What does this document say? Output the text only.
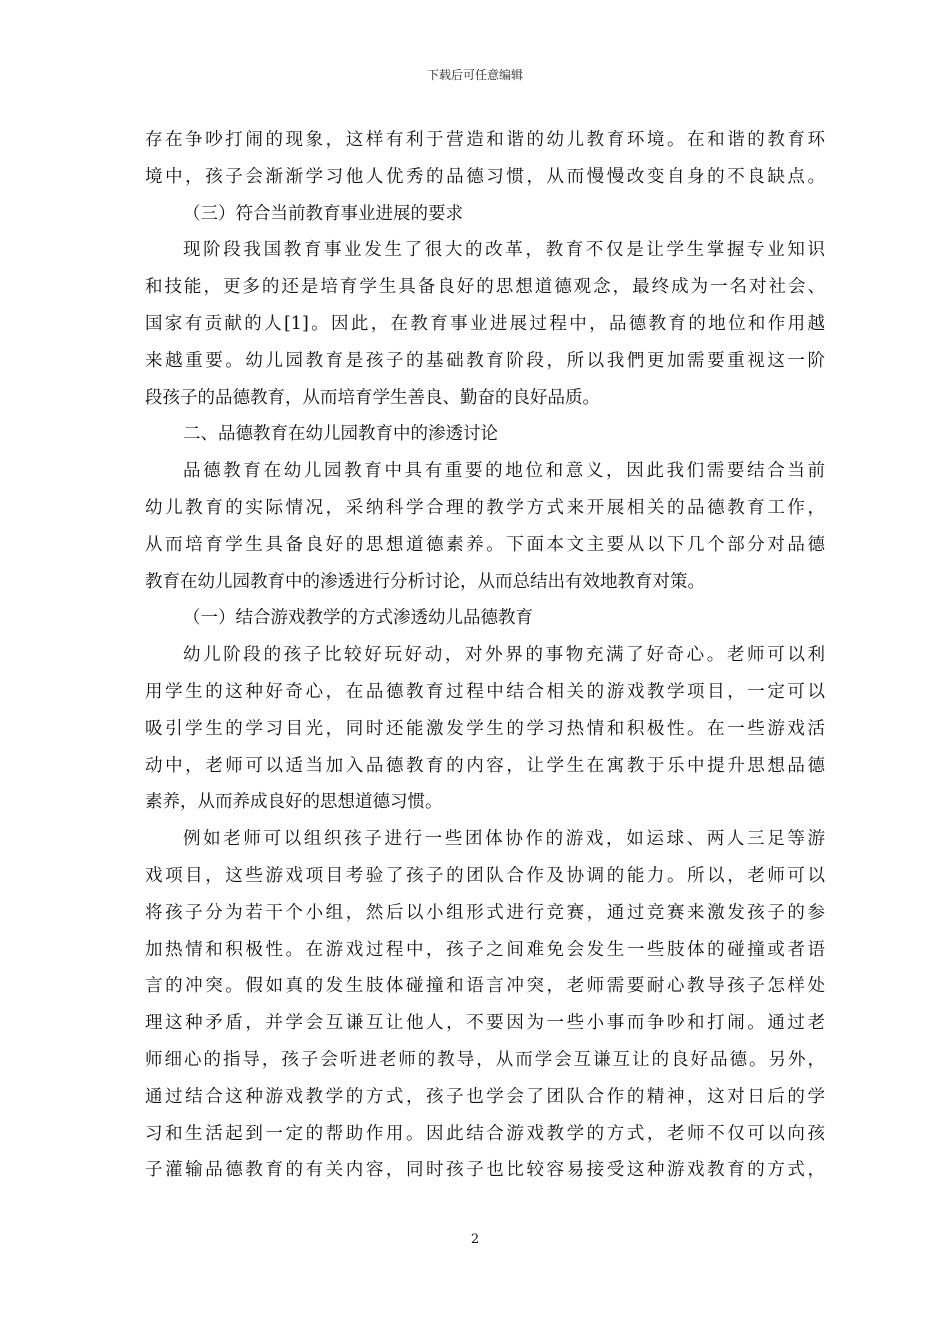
下载后可任意编辑
存在争吵打闹的现象，这样有利于营造和谐的幼儿教育环境。在和谐的教育环
境中，孩子会渐渐学习他人优秀的品德习惯，从而慢慢改变自身的不良缺点。
（三）符合当前教育事业进展的要求
现阶段我国教育事业发生了很大的改革，教育不仅是让学生掌握专业知识
和技能，更多的还是培育学生具备良好的思想道德观念，最终成为一名对社会、
国家有贡献的人[1]。因此，在教育事业进展过程中，品德教育的地位和作用越
来越重要。幼儿园教育是孩子的基础教育阶段，所以我們更加需要重视这一阶
段孩子的品德教育，从而培育学生善良、勤奋的良好品质。
二、品德教育在幼儿园教育中的渗透讨论
品德教育在幼儿园教育中具有重要的地位和意义，因此我们需要结合当前
幼儿教育的实际情况，采纳科学合理的教学方式来开展相关的品德教育工作，
从而培育学生具备良好的思想道德素养。下面本文主要从以下几个部分对品德
教育在幼儿园教育中的渗透进行分析讨论，从而总结出有效地教育对策。
（一）结合游戏教学的方式渗透幼儿品德教育
幼儿阶段的孩子比较好玩好动，对外界的事物充满了好奇心。老师可以利
用学生的这种好奇心，在品德教育过程中结合相关的游戏教学项目，一定可以
吸引学生的学习目光，同时还能激发学生的学习热情和积极性。在一些游戏活
动中，老师可以适当加入品德教育的内容，让学生在寓教于乐中提升思想品德
素养，从而养成良好的思想道德习惯。
例如老师可以组织孩子进行一些团体协作的游戏，如运球、两人三足等游
戏项目，这些游戏项目考验了孩子的团队合作及协调的能力。所以，老师可以
将孩子分为若干个小组，然后以小组形式进行竞赛，通过竞赛来激发孩子的参
加热情和积极性。在游戏过程中，孩子之间难免会发生一些肢体的碰撞或者语
言的冲突。假如真的发生肢体碰撞和语言冲突，老师需要耐心教导孩子怎样处
理这种矛盾，并学会互谦互让他人，不要因为一些小事而争吵和打闹。通过老
师细心的指导，孩子会听进老师的教导，从而学会互谦互让的良好品德。另外，
通过结合这种游戏教学的方式，孩子也学会了团队合作的精神，这对日后的学
习和生活起到一定的帮助作用。因此结合游戏教学的方式，老师不仅可以向孩
子灌输品德教育的有关内容，同时孩子也比较容易接受这种游戏教育的方式，
2
